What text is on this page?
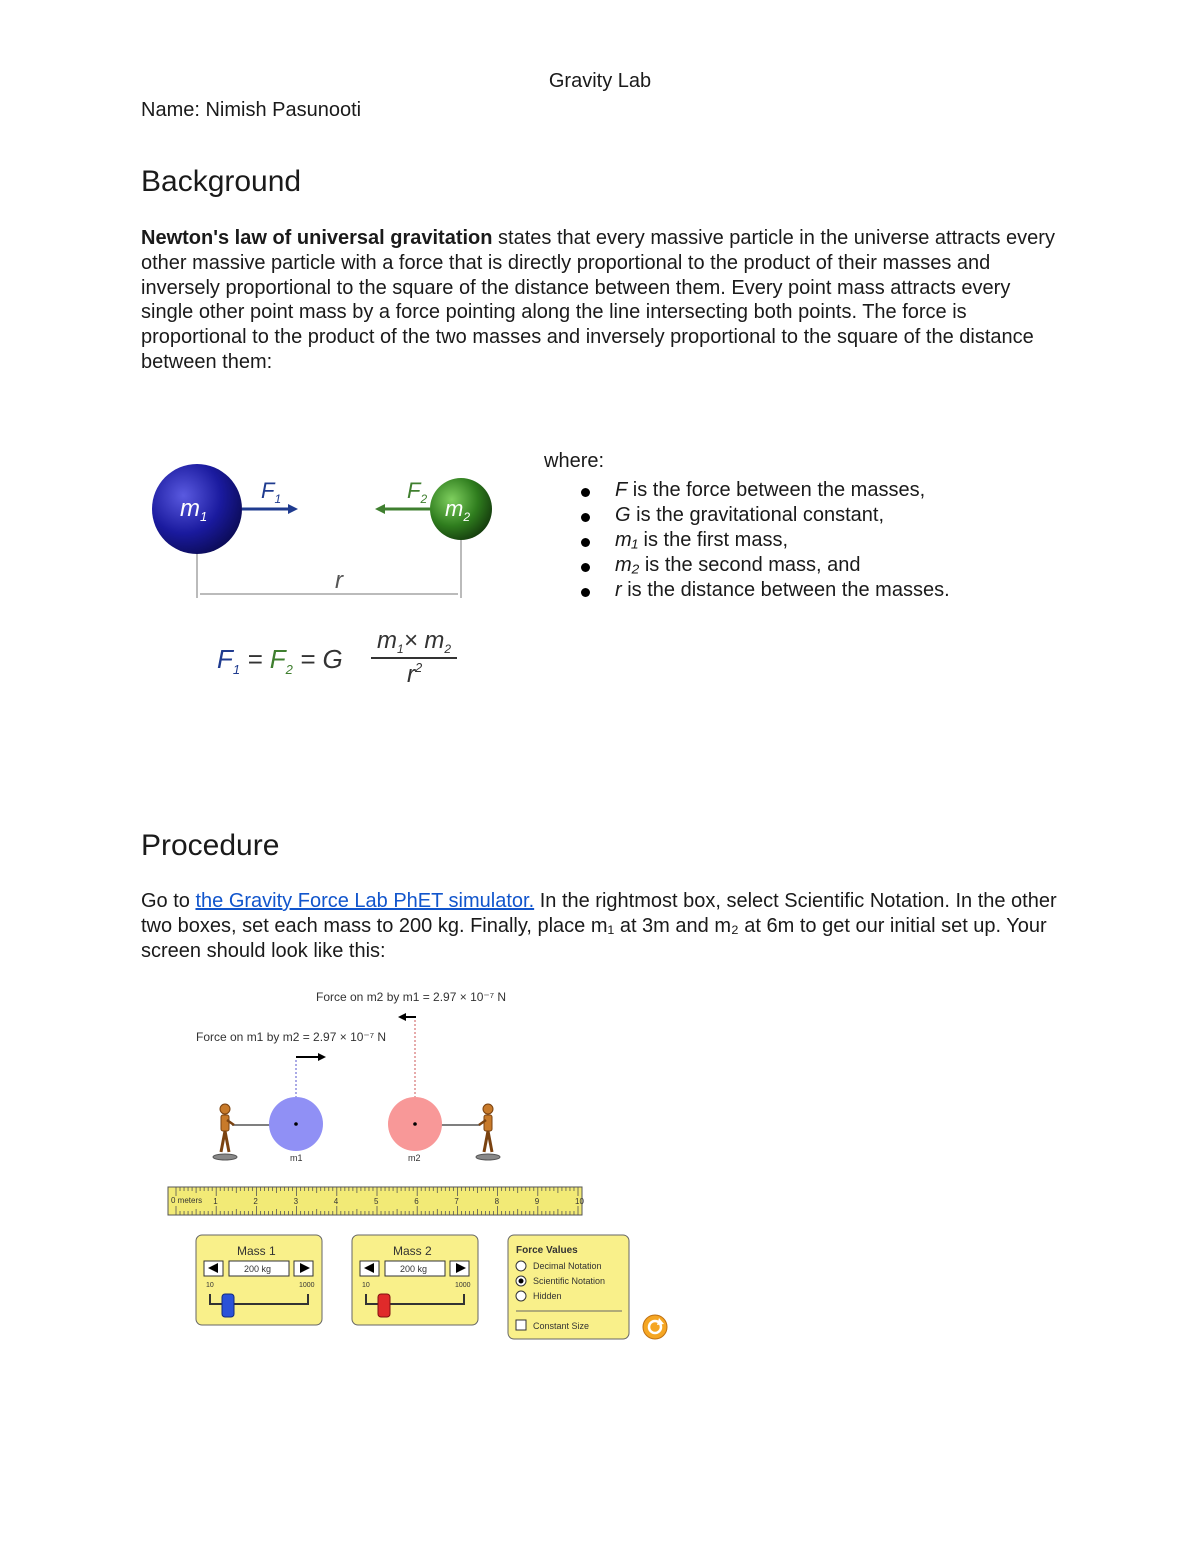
Gravity Lab
Name: Nimish Pasunooti
Background
Newton's law of universal gravitation states that every massive particle in the universe attracts every other massive particle with a force that is directly proportional to the product of their masses and inversely proportional to the square of the distance between them. Every point mass attracts every single other point mass by a force pointing along the line intersecting both points. The force is proportional to the product of the two masses and inversely proportional to the square of the distance between them:
$m_1$	$m_2$
$F_1$	$F_2$
r
$F_1 = F_2 = G$
$m_1\times m_2$
$r^2$
where:
F is the force between the masses,
G is the gravitational constant,
m₁ is the first mass,
m₂ is the second mass, and
r is the distance between the masses.
Procedure
Go to the Gravity Force Lab PhET simulator. In the rightmost box, select Scientific Notation. In the other two boxes, set each mass to 200 kg. Finally, place m₁ at 3m and m₂ at 6m to get our initial set up. Your screen should look like this:
Force on m2 by m1 = 2.97 × 10⁻⁷ N
Force on m1 by m2 = 2.97 × 10⁻⁷ N
m1	m2
1	2	3	4	5	6	7	8	9	10
0 meters
Mass 1
200 kg
10	1000
Mass 2
200 kg
10	1000
Force Values
Decimal Notation
Scientific Notation
Hidden
Constant Size
